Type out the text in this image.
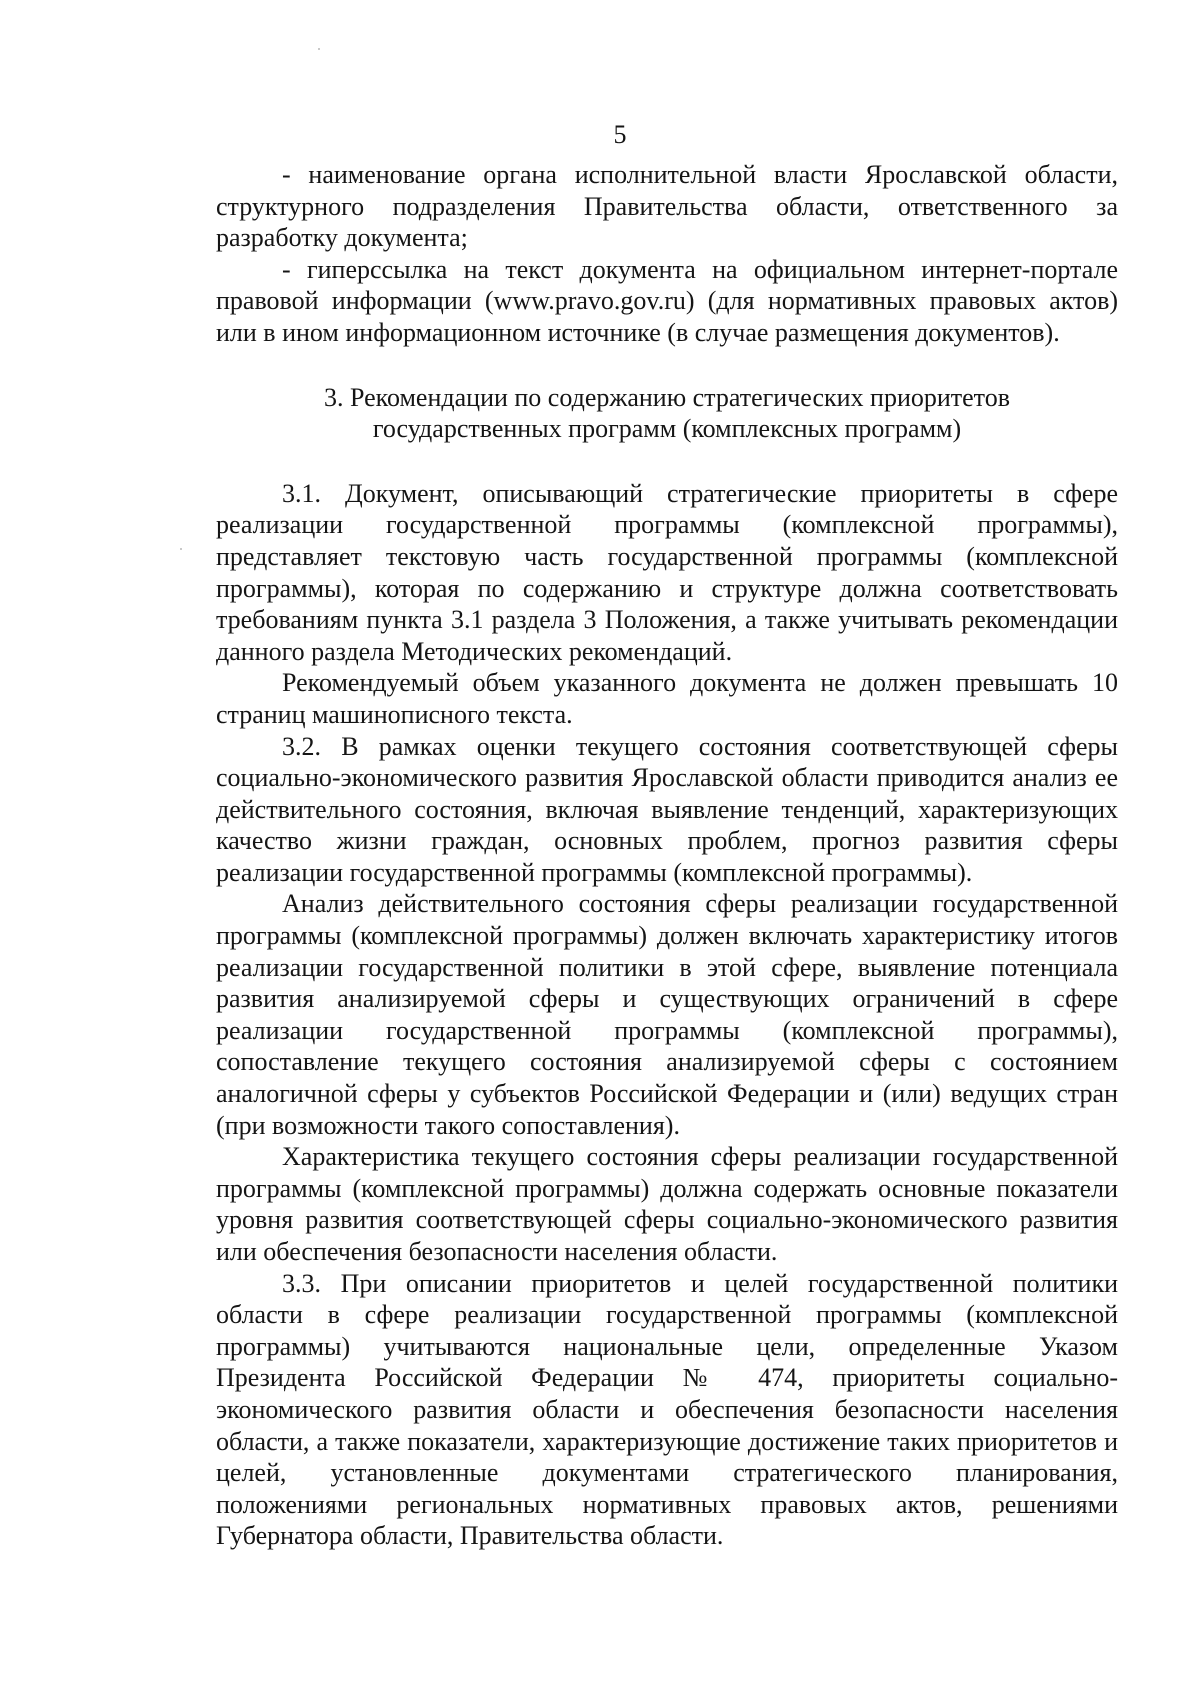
5

- наименование органа исполнительной власти Ярославской области, структурного подразделения Правительства области, ответственного за разработку документа;

- гиперссылка на текст документа на официальном интернет-портале правовой информации (www.pravo.gov.ru) (для нормативных правовых актов) или в ином информационном источнике (в случае размещения документов).

3. Рекомендации по содержанию стратегических приоритетов
государственных программ (комплексных программ)

3.1. Документ, описывающий стратегические приоритеты в сфере реализации государственной программы (комплексной программы), представляет текстовую часть государственной программы (комплексной программы), которая по содержанию и структуре должна соответствовать требованиям пункта 3.1 раздела 3 Положения, а также учитывать рекомендации данного раздела Методических рекомендаций.

Рекомендуемый объем указанного документа не должен превышать 10 страниц машинописного текста.

3.2. В рамках оценки текущего состояния соответствующей сферы социально-экономического развития Ярославской области приводится анализ ее действительного состояния, включая выявление тенденций, характеризующих качество жизни граждан, основных проблем, прогноз развития сферы реализации государственной программы (комплексной программы).

Анализ действительного состояния сферы реализации государственной программы (комплексной программы) должен включать характеристику итогов реализации государственной политики в этой сфере, выявление потенциала развития анализируемой сферы и существующих ограничений в сфере реализации государственной программы (комплексной программы), сопоставление текущего состояния анализируемой сферы с состоянием аналогичной сферы у субъектов Российской Федерации и (или) ведущих стран (при возможности такого сопоставления).

Характеристика текущего состояния сферы реализации государственной программы (комплексной программы) должна содержать основные показатели уровня развития соответствующей сферы социально-экономического развития или обеспечения безопасности населения области.

3.3. При описании приоритетов и целей государственной политики области в сфере реализации государственной программы (комплексной программы) учитываются национальные цели, определенные Указом Президента Российской Федерации № 474, приоритеты социально-экономического развития области и обеспечения безопасности населения области, а также показатели, характеризующие достижение таких приоритетов и целей, установленные документами стратегического планирования, положениями региональных нормативных правовых актов, решениями Губернатора области, Правительства области.
